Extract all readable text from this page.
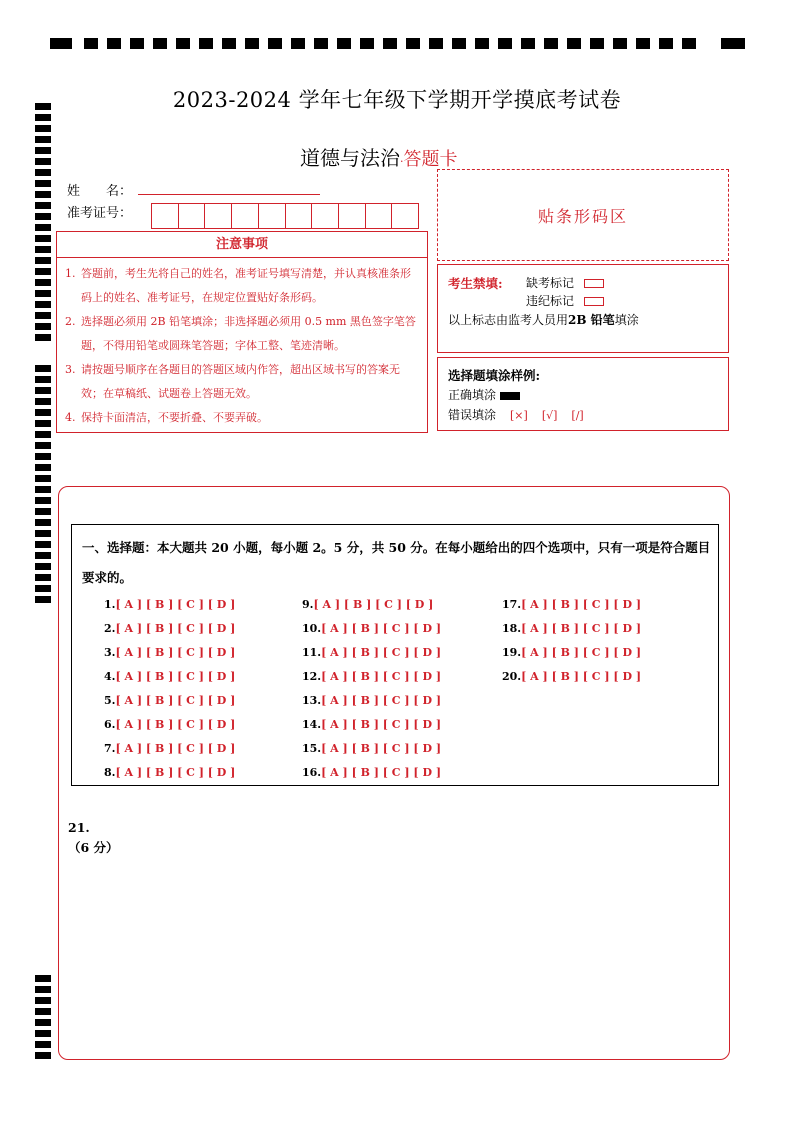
2023-2024 学年七年级下学期开学摸底考试卷
道德与法治·答题卡
姓　　名：
准考证号：
注意事项
1. 答题前，考生先将自己的姓名，准考证号填写清楚，并认真核准条形码上的姓名、准考证号，在规定位置贴好条形码。
2. 选择题必须用 2B 铅笔填涂；非选择题必须用 0.5 mm 黑色签字笔答题，不得用铅笔或圆珠笔答题；字体工整、笔迹清晰。
3. 请按题号顺序在各题目的答题区域内作答，超出区域书写的答案无效；在草稿纸、试题卷上答题无效。
4. 保持卡面清洁，不要折叠、不要弄破。
贴条形码区
考生禁填: 缺考标记
违纪标记
以上标志由监考人员用2B 铅笔填涂
选择题填涂样例:
正确填涂
错误填涂 [×] [√] [/]
一、选择题：本大题共 20 小题，每小题 2。5 分，共 50 分。在每小题给出的四个选项中，只有一项是符合题目要求的。
1.[ A ] [ B ] [ C ] [ D ]
2.[ A ] [ B ] [ C ] [ D ]
3.[ A ] [ B ] [ C ] [ D ]
4.[ A ] [ B ] [ C ] [ D ]
5.[ A ] [ B ] [ C ] [ D ]
6.[ A ] [ B ] [ C ] [ D ]
7.[ A ] [ B ] [ C ] [ D ]
8.[ A ] [ B ] [ C ] [ D ]
9.[ A ] [ B ] [ C ] [ D ]
10.[ A ] [ B ] [ C ] [ D ]
11.[ A ] [ B ] [ C ] [ D ]
12.[ A ] [ B ] [ C ] [ D ]
13.[ A ] [ B ] [ C ] [ D ]
14.[ A ] [ B ] [ C ] [ D ]
15.[ A ] [ B ] [ C ] [ D ]
16.[ A ] [ B ] [ C ] [ D ]
17.[ A ] [ B ] [ C ] [ D ]
18.[ A ] [ B ] [ C ] [ D ]
19.[ A ] [ B ] [ C ] [ D ]
20.[ A ] [ B ] [ C ] [ D ]
21.
（6 分）
